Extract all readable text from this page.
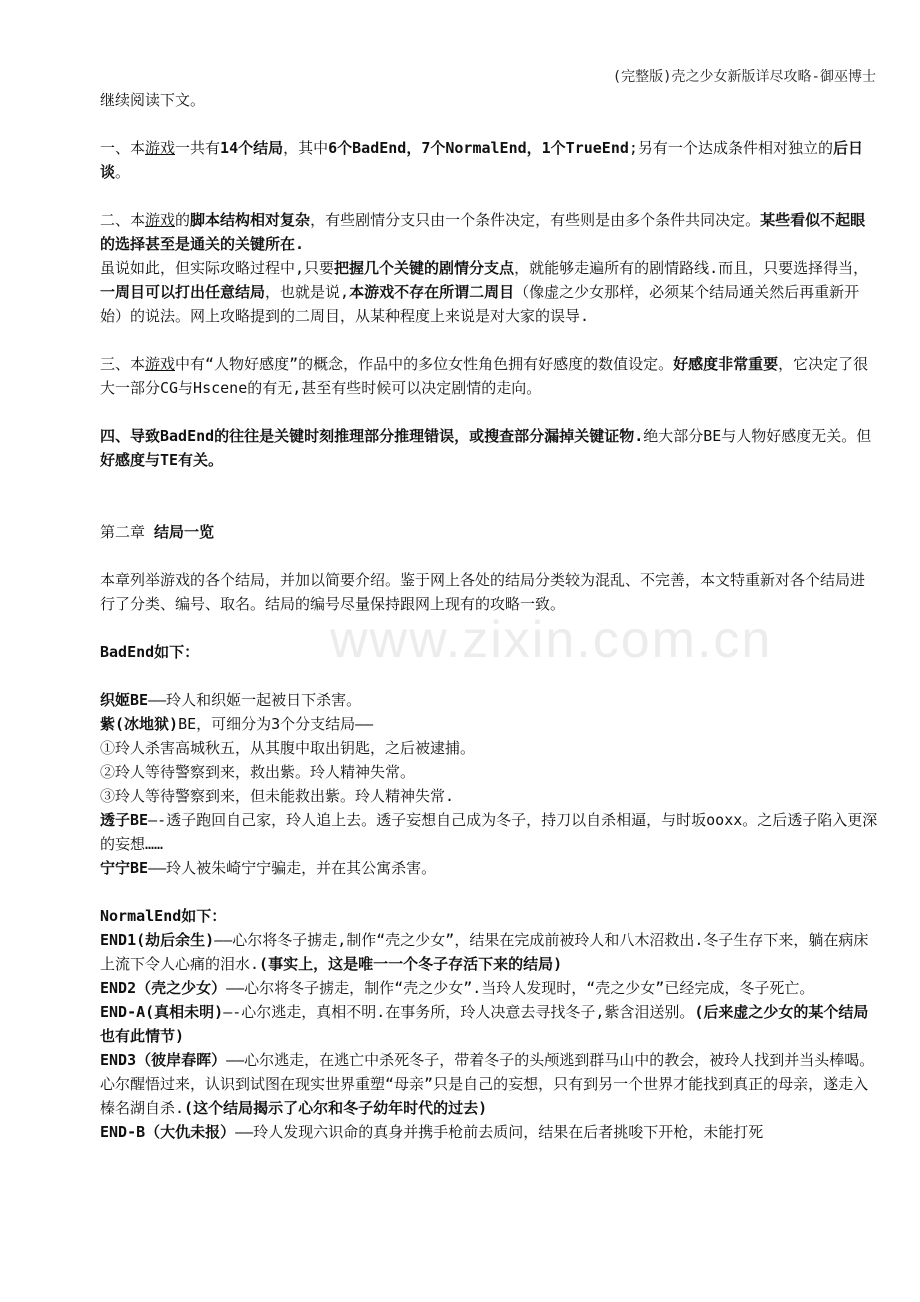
www.zixin.com.cn
(完整版)壳之少女新版详尽攻略-御巫博士

继续阅读下文。

一、本游戏一共有14个结局，其中6个BadEnd，7个NormalEnd，1个TrueEnd;另有一个达成条件相对独立的后日谈。

二、本游戏的脚本结构相对复杂，有些剧情分支只由一个条件决定，有些则是由多个条件共同决定。某些看似不起眼的选择甚至是通关的关键所在.

虽说如此，但实际攻略过程中,只要把握几个关键的剧情分支点，就能够走遍所有的剧情路线.而且，只要选择得当，一周目可以打出任意结局，也就是说,本游戏不存在所谓二周目（像虚之少女那样，必须某个结局通关然后再重新开始）的说法。网上攻略提到的二周目，从某种程度上来说是对大家的误导.

三、本游戏中有“人物好感度”的概念，作品中的多位女性角色拥有好感度的数值设定。好感度非常重要，它决定了很大一部分CG与Hscene的有无,甚至有些时候可以决定剧情的走向。

四、导致BadEnd的往往是关键时刻推理部分推理错误，或搜查部分漏掉关键证物.绝大部分BE与人物好感度无关。但好感度与TE有关。

第二章 结局一览

本章列举游戏的各个结局，并加以简要介绍。鉴于网上各处的结局分类较为混乱、不完善，本文特重新对各个结局进行了分类、编号、取名。结局的编号尽量保持跟网上现有的攻略一致。

BadEnd如下：

织姬BE——玲人和织姬一起被日下杀害。

紫(冰地狱)BE，可细分为3个分支结局——

①玲人杀害高城秋五，从其腹中取出钥匙，之后被逮捕。

②玲人等待警察到来，救出紫。玲人精神失常。

③玲人等待警察到来，但未能救出紫。玲人精神失常.

透子BE—-透子跑回自己家，玲人追上去。透子妄想自己成为冬子，持刀以自杀相逼，与时坂ooxx。之后透子陷入更深的妄想……

宁宁BE——玲人被朱崎宁宁骗走，并在其公寓杀害。

NormalEnd如下：

END1(劫后余生)——心尔将冬子掳走,制作“壳之少女”，结果在完成前被玲人和八木沼救出.冬子生存下来，躺在病床上流下令人心痛的泪水.(事实上，这是唯一一个冬子存活下来的结局)

END2（壳之少女）——心尔将冬子掳走，制作“壳之少女”.当玲人发现时，“壳之少女”已经完成，冬子死亡。

END-A(真相未明)—-心尔逃走，真相不明.在事务所，玲人决意去寻找冬子,紫含泪送别。(后来虚之少女的某个结局也有此情节)

END3（彼岸春晖）——心尔逃走，在逃亡中杀死冬子，带着冬子的头颅逃到群马山中的教会，被玲人找到并当头棒喝。心尔醒悟过来，认识到试图在现实世界重塑“母亲”只是自己的妄想，只有到另一个世界才能找到真正的母亲，遂走入榛名湖自杀.(这个结局揭示了心尔和冬子幼年时代的过去)

END-B（大仇未报）——玲人发现六识命的真身并携手枪前去质问，结果在后者挑唆下开枪，未能打死
